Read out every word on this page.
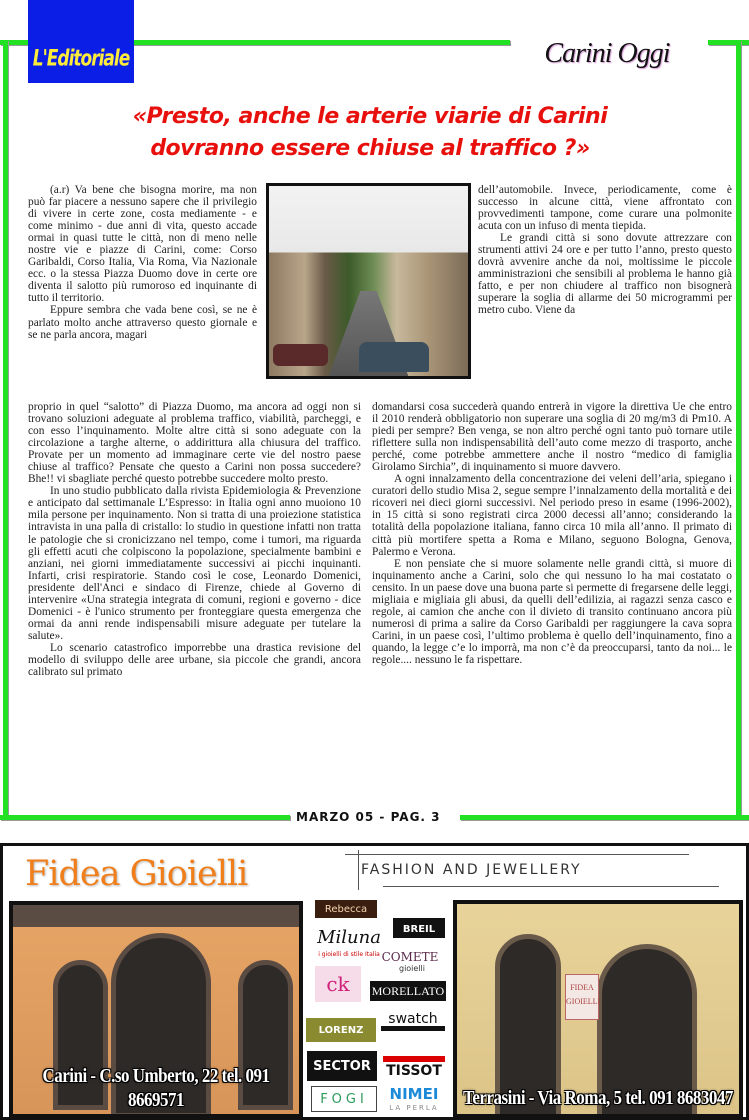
L'Editoriale	Carini Oggi
«Presto, anche le arterie viarie di Carini
dovranno essere chiuse al traffico ?»

(a.r) Va bene che bisogna morire, ma non può far piacere a nessuno sapere che il privilegio di vivere in certe zone, costa mediamente - e come minimo - due anni di vita, questo accade ormai in quasi tutte le città, non di meno nelle nostre vie e piazze di Carini, come: Corso Garibaldi, Corso Italia, Via Roma, Via Nazionale ecc. o la stessa Piazza Duomo dove in certe ore diventa il salotto più rumoroso ed inquinante di tutto il territorio.

Eppure sembra che vada bene così, se ne è parlato molto anche attraverso questo giornale e se ne parla ancora, magari

proprio in quel “salotto” di Piazza Duomo, ma ancora ad oggi non si trovano soluzioni adeguate al problema traffico, viabilità, parcheggi, e con esso l’inquinamento. Molte altre città si sono adeguate con la circolazione a targhe alterne, o addirittura alla chiusura del traffico. Provate per un momento ad immaginare certe vie del nostro paese chiuse al traffico? Pensate che questo a Carini non possa succedere? Bhe!! vi sbagliate perché questo potrebbe succedere molto presto.

In uno studio pubblicato dalla rivista Epidemiologia & Prevenzione e anticipato dal settimanale L’Espresso: in Italia ogni anno muoiono 10 mila persone per inquinamento. Non si tratta di una proiezione statistica intravista in una palla di cristallo: lo studio in questione infatti non tratta le patologie che si cronicizzano nel tempo, come i tumori, ma riguarda gli effetti acuti che colpiscono la popolazione, specialmente bambini e anziani, nei giorni immediatamente successivi ai picchi inquinanti. Infarti, crisi respiratorie. Stando così le cose, Leonardo Domenici, presidente dell'Anci e sindaco di Firenze, chiede al Governo di intervenire «Una strategia integrata di comuni, regioni e governo - dice Domenici - è l'unico strumento per fronteggiare questa emergenza che ormai da anni rende indispensabili misure adeguate per tutelare la salute».

Lo scenario catastrofico imporrebbe una drastica revisione del modello di sviluppo delle aree urbane, sia piccole che grandi, ancora calibrato sul primato

dell’automobile. Invece, periodicamente, come è successo in alcune città, viene affrontato con provvedimenti tampone, come curare una polmonite acuta con un infuso di menta tiepida.

Le grandi città si sono dovute attrezzare con strumenti attivi 24 ore e per tutto l’anno, presto questo dovrà avvenire anche da noi, moltissime le piccole amministrazioni che sensibili al problema le hanno già fatto, e per non chiudere al traffico non bisognerà superare la soglia di allarme dei 50 microgrammi per metro cubo. Viene da

domandarsi cosa succederà quando entrerà in vigore la direttiva Ue che entro il 2010 renderà obbligatorio non superare una soglia di 20 mg/m3 di Pm10. A piedi per sempre? Ben venga, se non altro perché ogni tanto può tornare utile riflettere sulla non indispensabilità dell’auto come mezzo di trasporto, anche perché, come potrebbe ammettere anche il nostro “medico di famiglia Girolamo Sirchia”, di inquinamento si muore davvero.

A ogni innalzamento della concentrazione dei veleni dell’aria, spiegano i curatori dello studio Misa 2, segue sempre l’innalzamento della mortalità e dei ricoveri nei dieci giorni successivi. Nel periodo preso in esame (1996-2002), in 15 città si sono registrati circa 2000 decessi all’anno; considerando la totalità della popolazione italiana, fanno circa 10 mila all’anno. Il primato di città più mortifere spetta a Roma e Milano, seguono Bologna, Genova, Palermo e Verona.

E non pensiate che si muore solamente nelle grandi città, si muore di inquinamento anche a Carini, solo che qui nessuno lo ha mai costatato o censito. In un paese dove una buona parte si permette di fregarsene delle leggi, migliaia e migliaia gli abusi, da quelli dell’edilizia, ai ragazzi senza casco e regole, ai camion che anche con il divieto di transito continuano ancora più numerosi di prima a salire da Corso Garibaldi per raggiungere la cava sopra Carini, in un paese così, l’ultimo problema è quello dell’inquinamento, fino a quando, la legge c’e lo imporrà, ma non c’è da preoccuparsi, tanto da noi... le regole.... nessuno le fa rispettare.

MARZO 05 - PAG. 3
Fidea Gioielli	FASHION AND JEWELLERY
Carini - C.so Umberto, 22 tel. 091 8669571
FIDEA GIOIELLI
Terrasini - Via Roma, 5 tel. 091 8683047
Rebecca
BREIL
Miluna
i gioielli di stile Italia COMETE
gioielli
ck	MORELLATO
LORENZ
swatch
SECTOR	TISSOT
FOGI	NIMEI
LA PERLA
